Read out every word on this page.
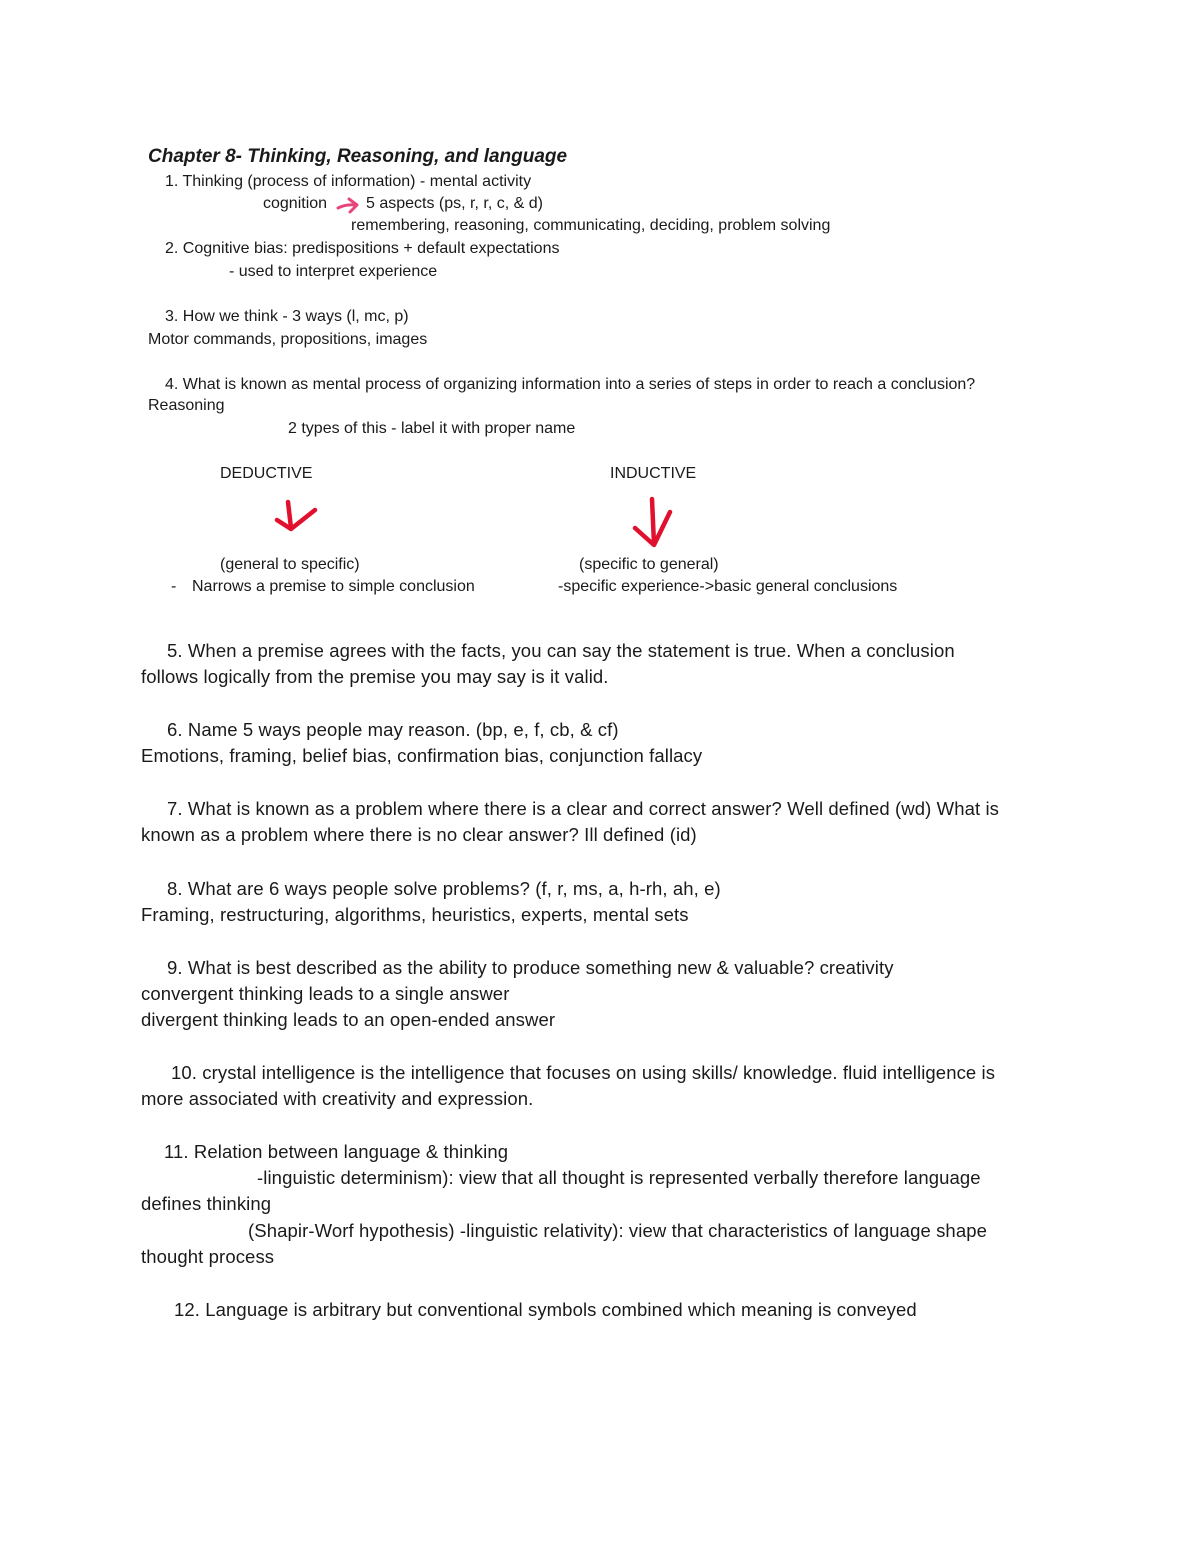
Chapter 8- Thinking, Reasoning, and language
1. Thinking (process of information) - mental activity
cognition 5 aspects (ps, r, r, c, & d)
remembering, reasoning, communicating, deciding, problem solving
2. Cognitive bias: predispositions + default expectations
- used to interpret experience
3. How we think - 3 ways (l, mc, p)
Motor commands, propositions, images
4. What is known as mental process of organizing information into a series of steps in order to reach a conclusion?
Reasoning
2 types of this - label it with proper name
DEDUCTIVE	INDUCTIVE
(general to specific)	(specific to general)
- Narrows a premise to simple conclusion	-specific experience->basic general conclusions
5. When a premise agrees with the facts, you can say the statement is true. When a conclusion
follows logically from the premise you may say is it valid.
6. Name 5 ways people may reason. (bp, e, f, cb, & cf)
Emotions, framing, belief bias, confirmation bias, conjunction fallacy
7. What is known as a problem where there is a clear and correct answer? Well defined (wd) What is
known as a problem where there is no clear answer? Ill defined (id)
8. What are 6 ways people solve problems? (f, r, ms, a, h-rh, ah, e)
Framing, restructuring, algorithms, heuristics, experts, mental sets
9. What is best described as the ability to produce something new & valuable? creativity
convergent thinking leads to a single answer
divergent thinking leads to an open-ended answer
10. crystal intelligence is the intelligence that focuses on using skills/ knowledge. fluid intelligence is
more associated with creativity and expression.
11. Relation between language & thinking
-linguistic determinism): view that all thought is represented verbally therefore language
defines thinking
(Shapir-Worf hypothesis) -linguistic relativity): view that characteristics of language shape
thought process
12. Language is arbitrary but conventional symbols combined which meaning is conveyed
